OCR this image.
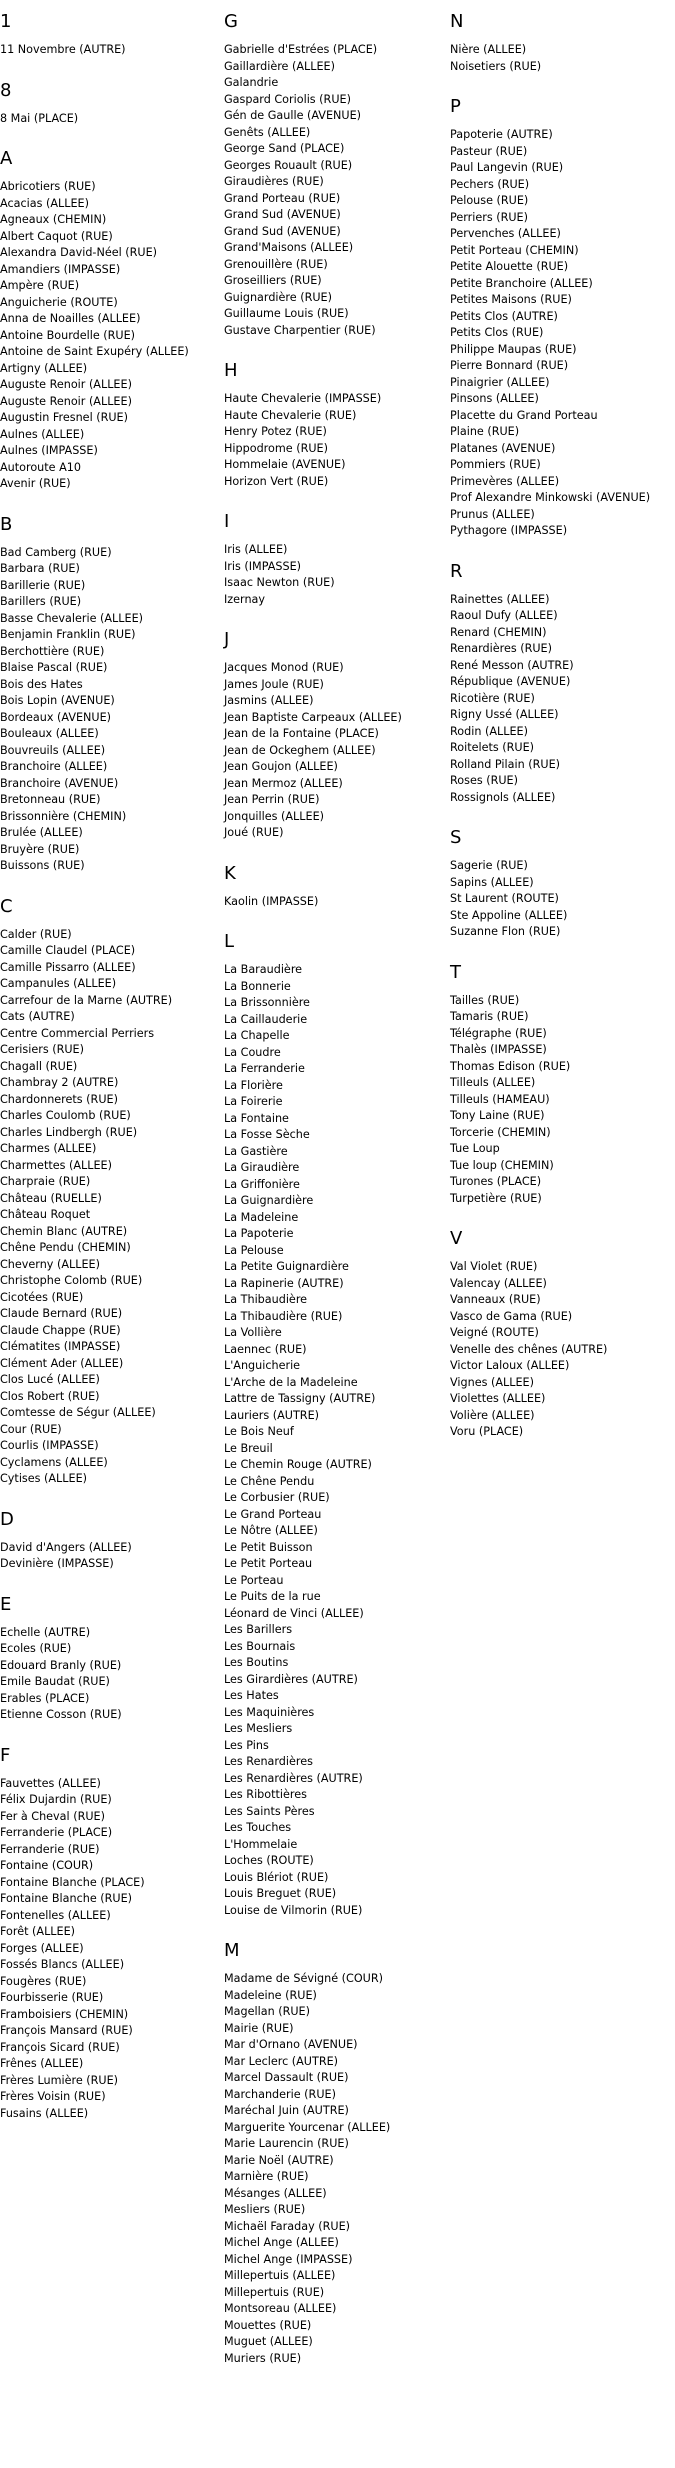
1
11 Novembre (AUTRE)
8
8 Mai (PLACE)
A
Abricotiers (RUE)
Acacias (ALLEE)
Agneaux (CHEMIN)
Albert Caquot (RUE)
Alexandra David-Néel (RUE)
Amandiers (IMPASSE)
Ampère (RUE)
Anguicherie (ROUTE)
Anna de Noailles (ALLEE)
Antoine Bourdelle (RUE)
Antoine de Saint Exupéry (ALLEE)
Artigny (ALLEE)
Auguste Renoir (ALLEE)
Auguste Renoir (ALLEE)
Augustin Fresnel (RUE)
Aulnes (ALLEE)
Aulnes (IMPASSE)
Autoroute A10
Avenir (RUE)
B
Bad Camberg (RUE)
Barbara (RUE)
Barillerie (RUE)
Barillers (RUE)
Basse Chevalerie (ALLEE)
Benjamin Franklin (RUE)
Berchottière (RUE)
Blaise Pascal (RUE)
Bois des Hates
Bois Lopin (AVENUE)
Bordeaux (AVENUE)
Bouleaux (ALLEE)
Bouvreuils (ALLEE)
Branchoire (ALLEE)
Branchoire (AVENUE)
Bretonneau (RUE)
Brissonnière (CHEMIN)
Brulée (ALLEE)
Bruyère (RUE)
Buissons (RUE)
C
Calder (RUE)
Camille Claudel (PLACE)
Camille Pissarro (ALLEE)
Campanules (ALLEE)
Carrefour de la Marne (AUTRE)
Cats (AUTRE)
Centre Commercial Perriers
Cerisiers (RUE)
Chagall (RUE)
Chambray 2 (AUTRE)
Chardonnerets (RUE)
Charles Coulomb (RUE)
Charles Lindbergh (RUE)
Charmes (ALLEE)
Charmettes (ALLEE)
Charpraie (RUE)
Château (RUELLE)
Château Roquet
Chemin Blanc (AUTRE)
Chêne Pendu (CHEMIN)
Cheverny (ALLEE)
Christophe Colomb (RUE)
Cicotées (RUE)
Claude Bernard (RUE)
Claude Chappe (RUE)
Clématites (IMPASSE)
Clément Ader (ALLEE)
Clos Lucé (ALLEE)
Clos Robert (RUE)
Comtesse de Ségur (ALLEE)
Cour (RUE)
Courlis (IMPASSE)
Cyclamens (ALLEE)
Cytises (ALLEE)
D
David d'Angers (ALLEE)
Devinière (IMPASSE)
E
Echelle (AUTRE)
Ecoles (RUE)
Edouard Branly (RUE)
Emile Baudat (RUE)
Erables (PLACE)
Etienne Cosson (RUE)
F
Fauvettes (ALLEE)
Félix Dujardin (RUE)
Fer à Cheval (RUE)
Ferranderie (PLACE)
Ferranderie (RUE)
Fontaine (COUR)
Fontaine Blanche (PLACE)
Fontaine Blanche (RUE)
Fontenelles (ALLEE)
Forêt (ALLEE)
Forges (ALLEE)
Fossés Blancs (ALLEE)
Fougères (RUE)
Fourbisserie (RUE)
Framboisiers (CHEMIN)
François Mansard (RUE)
François Sicard (RUE)
Frênes (ALLEE)
Frères Lumière (RUE)
Frères Voisin (RUE)
Fusains (ALLEE)
G
Gabrielle d'Estrées (PLACE)
Gaillardière (ALLEE)
Galandrie
Gaspard Coriolis (RUE)
Gén de Gaulle (AVENUE)
Genêts (ALLEE)
George Sand (PLACE)
Georges Rouault (RUE)
Giraudières (RUE)
Grand Porteau (RUE)
Grand Sud (AVENUE)
Grand Sud (AVENUE)
Grand'Maisons (ALLEE)
Grenouillère (RUE)
Groseilliers (RUE)
Guignardière (RUE)
Guillaume Louis (RUE)
Gustave Charpentier (RUE)
H
Haute Chevalerie (IMPASSE)
Haute Chevalerie (RUE)
Henry Potez (RUE)
Hippodrome (RUE)
Hommelaie (AVENUE)
Horizon Vert (RUE)
I
Iris (ALLEE)
Iris (IMPASSE)
Isaac Newton (RUE)
Izernay
J
Jacques Monod (RUE)
James Joule (RUE)
Jasmins (ALLEE)
Jean Baptiste Carpeaux (ALLEE)
Jean de la Fontaine (PLACE)
Jean de Ockeghem (ALLEE)
Jean Goujon (ALLEE)
Jean Mermoz (ALLEE)
Jean Perrin (RUE)
Jonquilles (ALLEE)
Joué (RUE)
K
Kaolin (IMPASSE)
L
La Baraudière
La Bonnerie
La Brissonnière
La Caillauderie
La Chapelle
La Coudre
La Ferranderie
La Florière
La Foirerie
La Fontaine
La Fosse Sèche
La Gastière
La Giraudière
La Griffonière
La Guignardière
La Madeleine
La Papoterie
La Pelouse
La Petite Guignardière
La Rapinerie (AUTRE)
La Thibaudière
La Thibaudière (RUE)
La Vollière
Laennec (RUE)
L'Anguicherie
L'Arche de la Madeleine
Lattre de Tassigny (AUTRE)
Lauriers (AUTRE)
Le Bois Neuf
Le Breuil
Le Chemin Rouge (AUTRE)
Le Chêne Pendu
Le Corbusier (RUE)
Le Grand Porteau
Le Nôtre (ALLEE)
Le Petit Buisson
Le Petit Porteau
Le Porteau
Le Puits de la rue
Léonard de Vinci (ALLEE)
Les Barillers
Les Bournais
Les Boutins
Les Girardières (AUTRE)
Les Hates
Les Maquinières
Les Mesliers
Les Pins
Les Renardières
Les Renardières (AUTRE)
Les Ribottières
Les Saints Pères
Les Touches
L'Hommelaie
Loches (ROUTE)
Louis Blériot (RUE)
Louis Breguet (RUE)
Louise de Vilmorin (RUE)
M
Madame de Sévigné (COUR)
Madeleine (RUE)
Magellan (RUE)
Mairie (RUE)
Mar d'Ornano (AVENUE)
Mar Leclerc (AUTRE)
Marcel Dassault (RUE)
Marchanderie (RUE)
Maréchal Juin (AUTRE)
Marguerite Yourcenar (ALLEE)
Marie Laurencin (RUE)
Marie Noël (AUTRE)
Marnière (RUE)
Mésanges (ALLEE)
Mesliers (RUE)
Michaël Faraday (RUE)
Michel Ange (ALLEE)
Michel Ange (IMPASSE)
Millepertuis (ALLEE)
Millepertuis (RUE)
Montsoreau (ALLEE)
Mouettes (RUE)
Muguet (ALLEE)
Muriers (RUE)
N
Nière (ALLEE)
Noisetiers (RUE)
P
Papoterie (AUTRE)
Pasteur (RUE)
Paul Langevin (RUE)
Pechers (RUE)
Pelouse (RUE)
Perriers (RUE)
Pervenches (ALLEE)
Petit Porteau (CHEMIN)
Petite Alouette (RUE)
Petite Branchoire (ALLEE)
Petites Maisons (RUE)
Petits Clos (AUTRE)
Petits Clos (RUE)
Philippe Maupas (RUE)
Pierre Bonnard (RUE)
Pinaigrier (ALLEE)
Pinsons (ALLEE)
Placette du Grand Porteau
Plaine (RUE)
Platanes (AVENUE)
Pommiers (RUE)
Primevères (ALLEE)
Prof Alexandre Minkowski (AVENUE)
Prunus (ALLEE)
Pythagore (IMPASSE)
R
Rainettes (ALLEE)
Raoul Dufy (ALLEE)
Renard (CHEMIN)
Renardières (RUE)
René Messon (AUTRE)
République (AVENUE)
Ricotière (RUE)
Rigny Ussé (ALLEE)
Rodin (ALLEE)
Roitelets (RUE)
Rolland Pilain (RUE)
Roses (RUE)
Rossignols (ALLEE)
S
Sagerie (RUE)
Sapins (ALLEE)
St Laurent (ROUTE)
Ste Appoline (ALLEE)
Suzanne Flon (RUE)
T
Tailles (RUE)
Tamaris (RUE)
Télégraphe (RUE)
Thalès (IMPASSE)
Thomas Edison (RUE)
Tilleuls (ALLEE)
Tilleuls (HAMEAU)
Tony Laine (RUE)
Torcerie (CHEMIN)
Tue Loup
Tue loup (CHEMIN)
Turones (PLACE)
Turpetière (RUE)
V
Val Violet (RUE)
Valencay (ALLEE)
Vanneaux (RUE)
Vasco de Gama (RUE)
Veigné (ROUTE)
Venelle des chênes (AUTRE)
Victor Laloux (ALLEE)
Vignes (ALLEE)
Violettes (ALLEE)
Volière (ALLEE)
Voru (PLACE)
